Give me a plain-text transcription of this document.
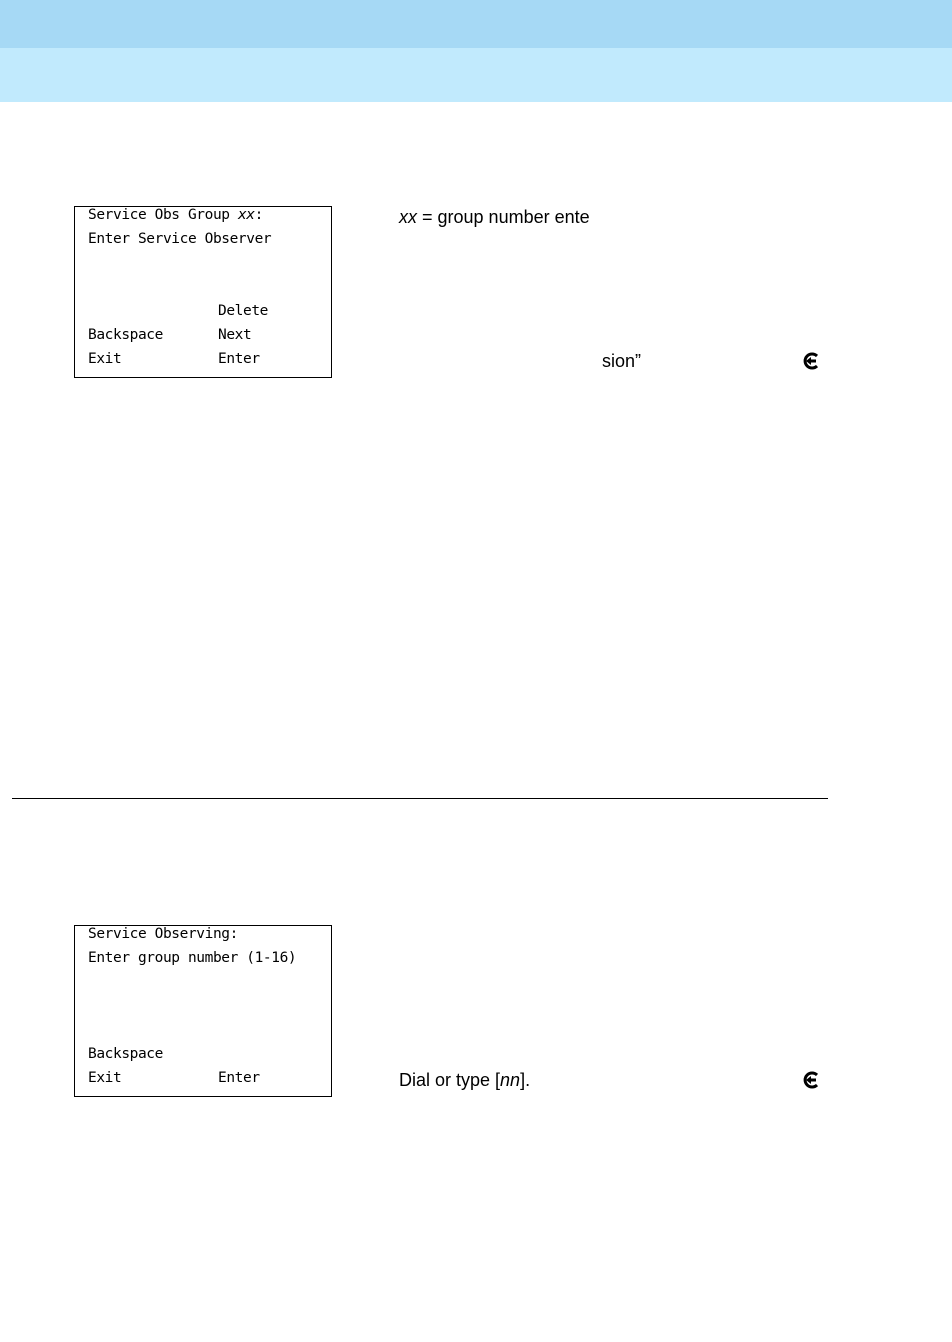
Service Obs Group xx:
Enter Service Observer
Delete
Backspace	Next
Exit	Enter
xx = group number ente
sion”
Service Observing:
Enter group number (1-16)
Backspace
Exit	Enter	Dial or type [nn].
